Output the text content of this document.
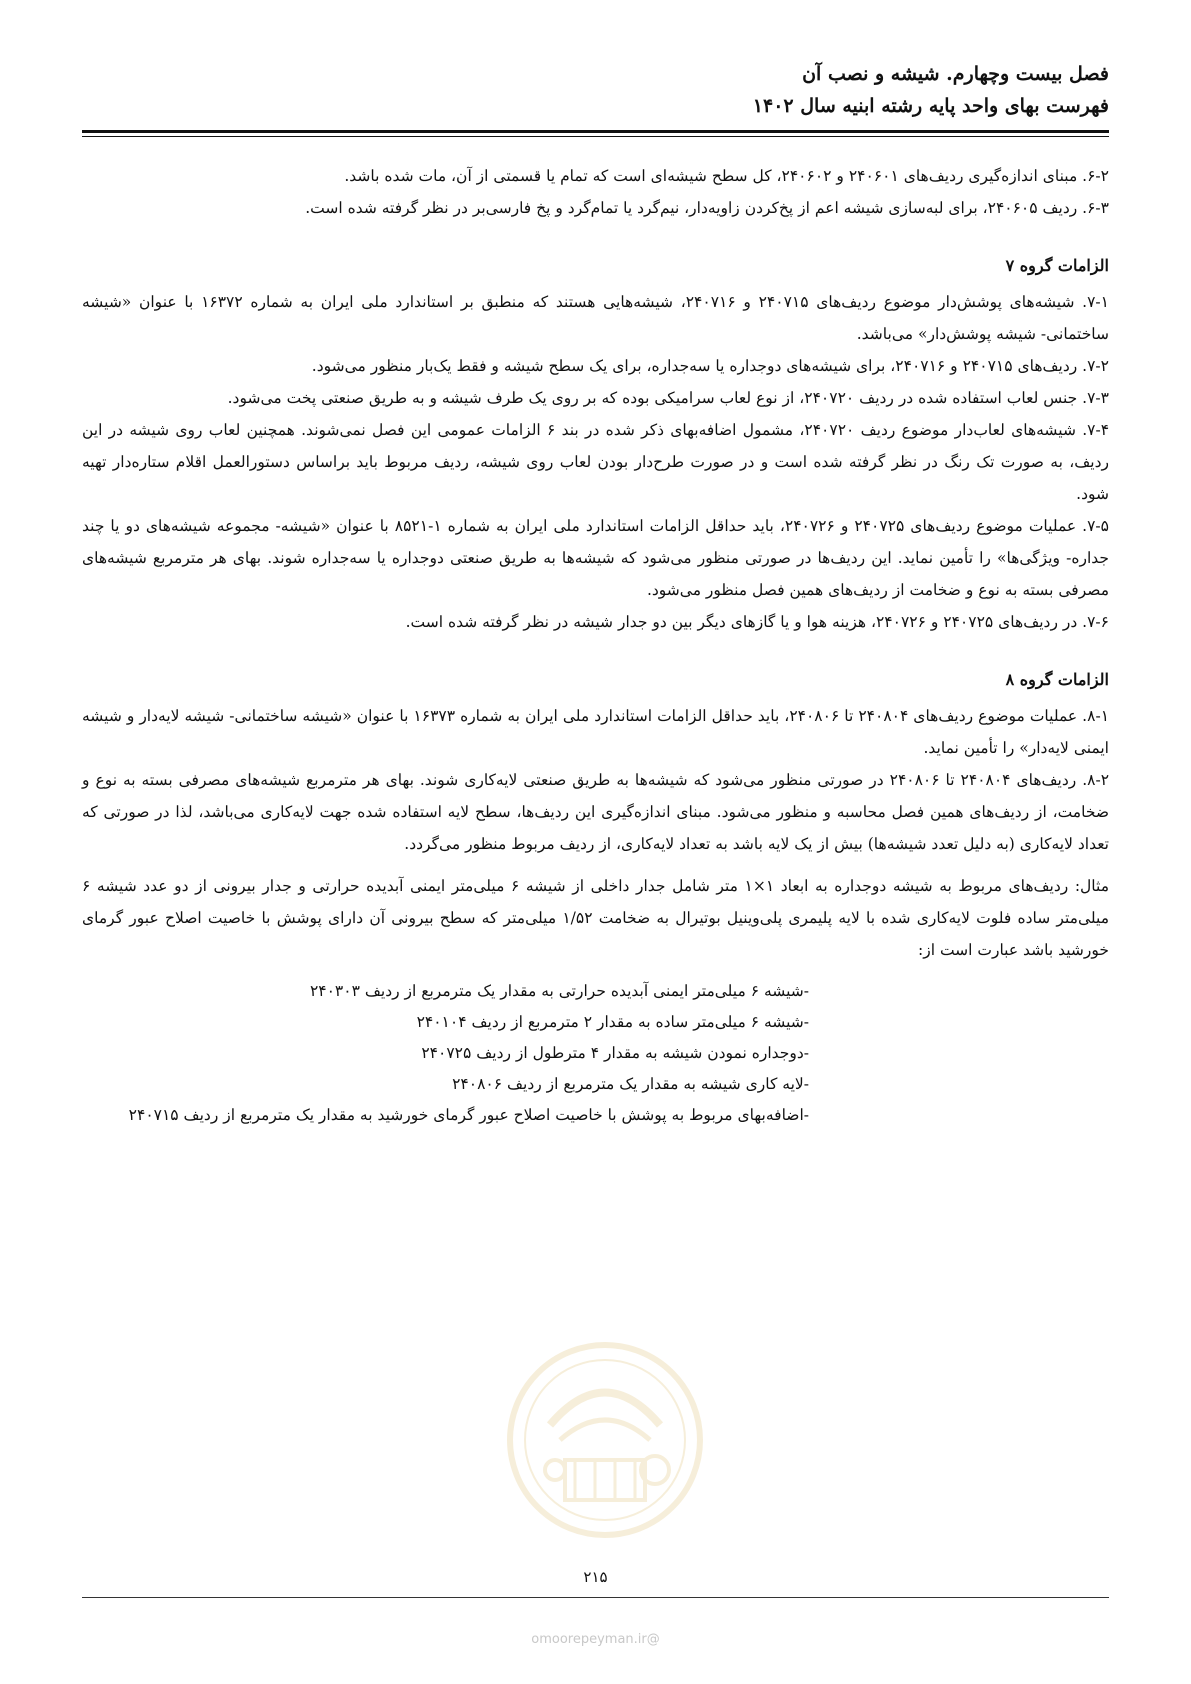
فصل بیست وچهارم. شیشه و نصب آن
فهرست بهای واحد پایه رشته ابنیه سال ۱۴۰۲

۶-۲. مبنای اندازه‌گیری ردیف‌های ۲۴۰۶۰۱ و ۲۴۰۶۰۲، کل سطح شیشه‌ای است که تمام یا قسمتی از آن، مات شده باشد.

۶-۳. ردیف ۲۴۰۶۰۵، برای لبه‌سازی شیشه اعم از پخ‌کردن زاویه‌دار، نیم‌گرد یا تمام‌گرد و پخ فارسی‌بر در نظر گرفته شده است.

الزامات گروه ۷

۷-۱. شیشه‌های پوشش‌دار موضوع ردیف‌های ۲۴۰۷۱۵ و ۲۴۰۷۱۶، شیشه‌هایی هستند که منطبق بر استاندارد ملی ایران به شماره ۱۶۳۷۲ با عنوان «شیشه ساختمانی- شیشه پوشش‌دار» می‌باشد.

۷-۲. ردیف‌های ۲۴۰۷۱۵ و ۲۴۰۷۱۶، برای شیشه‌های دوجداره یا سه‌جداره، برای یک سطح شیشه و فقط یک‌بار منظور می‌شود.

۷-۳. جنس لعاب استفاده شده در ردیف ۲۴۰۷۲۰، از نوع لعاب سرامیکی بوده که بر روی یک طرف شیشه و به طریق صنعتی پخت می‌شود.

۷-۴. شیشه‌های لعاب‌دار موضوع ردیف ۲۴۰۷۲۰، مشمول اضافه‌بهای ذکر شده در بند ۶ الزامات عمومی این فصل نمی‌شوند. همچنین لعاب روی شیشه در این ردیف، به صورت تک رنگ در نظر گرفته شده است و در صورت طرح‌دار بودن لعاب روی شیشه، ردیف مربوط باید براساس دستورالعمل اقلام ستاره‌دار تهیه شود.

۷-۵. عملیات موضوع ردیف‌های ۲۴۰۷۲۵ و ۲۴۰۷۲۶، باید حداقل الزامات استاندارد ملی ایران به شماره ۱-۸۵۲۱ با عنوان «شیشه- مجموعه شیشه‌های دو یا چند جداره- ویژگی‌ها» را تأمین نماید. این ردیف‌ها در صورتی منظور می‌شود که شیشه‌ها به طریق صنعتی دوجداره یا سه‌جداره شوند. بهای هر مترمربع شیشه‌های مصرفی بسته به نوع و ضخامت از ردیف‌های همین فصل منظور می‌شود.

۷-۶. در ردیف‌های ۲۴۰۷۲۵ و ۲۴۰۷۲۶، هزینه هوا و یا گازهای دیگر بین دو جدار شیشه در نظر گرفته شده است.

الزامات گروه ۸

۸-۱. عملیات موضوع ردیف‌های ۲۴۰۸۰۴ تا ۲۴۰۸۰۶، باید حداقل الزامات استاندارد ملی ایران به شماره ۱۶۳۷۳ با عنوان «شیشه ساختمانی- شیشه لایه‌دار و شیشه ایمنی لایه‌دار» را تأمین نماید.

۸-۲. ردیف‌های ۲۴۰۸۰۴ تا ۲۴۰۸۰۶ در صورتی منظور می‌شود که شیشه‌ها به طریق صنعتی لایه‌کاری شوند. بهای هر مترمربع شیشه‌های مصرفی بسته به نوع و ضخامت، از ردیف‌های همین فصل محاسبه و منظور می‌شود. مبنای اندازه‌گیری این ردیف‌ها، سطح لایه استفاده شده جهت لایه‌کاری می‌باشد، لذا در صورتی که تعداد لایه‌کاری (به دلیل تعدد شیشه‌ها) بیش از یک لایه باشد به تعداد لایه‌کاری، از ردیف مربوط منظور می‌گردد.

مثال: ردیف‌های مربوط به شیشه دوجداره به ابعاد ۱×۱ متر شامل جدار داخلی از شیشه ۶ میلی‌متر ایمنی آبدیده حرارتی و جدار بیرونی از دو عدد شیشه ۶ میلی‌متر ساده فلوت لایه‌کاری شده با لایه پلیمری پلی‌وینیل بوتیرال به ضخامت ۱/۵۲ میلی‌متر که سطح بیرونی آن دارای پوشش با خاصیت اصلاح عبور گرمای خورشید باشد عبارت است از:

-شیشه ۶ میلی‌متر ایمنی آبدیده حرارتی به مقدار یک مترمربع از ردیف ۲۴۰۳۰۳
-شیشه ۶ میلی‌متر ساده به مقدار ۲ مترمربع از ردیف ۲۴۰۱۰۴
-دوجداره نمودن شیشه به مقدار ۴ مترطول از ردیف ۲۴۰۷۲۵
-لایه کاری شیشه به مقدار یک مترمربع از ردیف ۲۴۰۸۰۶
-اضافه‌بهای مربوط به پوشش با خاصیت اصلاح عبور گرمای خورشید به مقدار یک مترمربع از ردیف ۲۴۰۷۱۵
۲۱۵
@omoorepeyman.ir
